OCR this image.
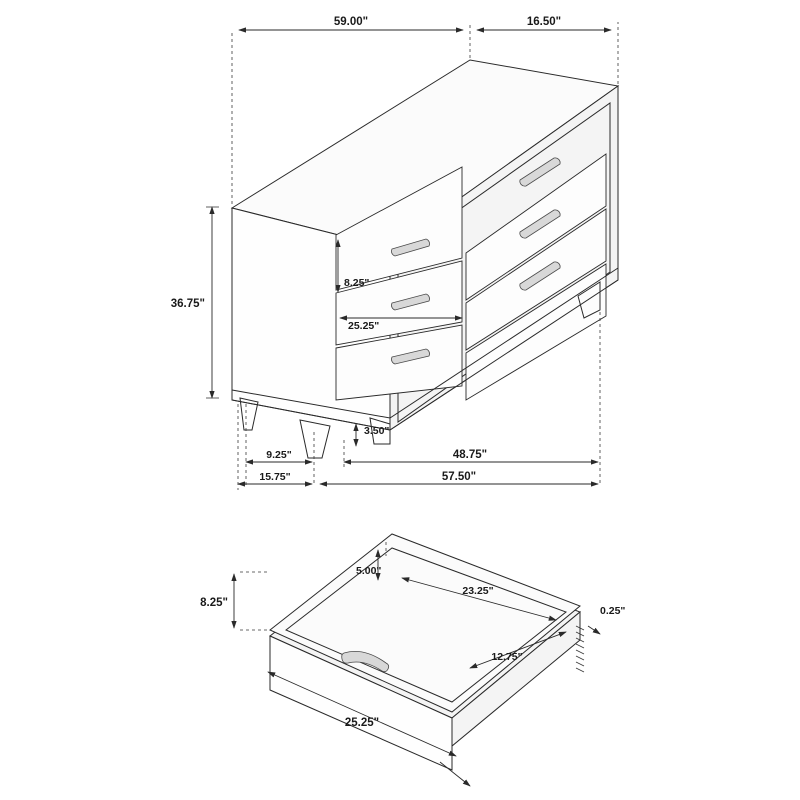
59.00"	16.50"
36.75"
8.25"
25.25"
3.50"
9.25"	48.75"
15.75"	57.50"
5.00"
23.25"
0.25"
12.75"
8.25"
25.25"
